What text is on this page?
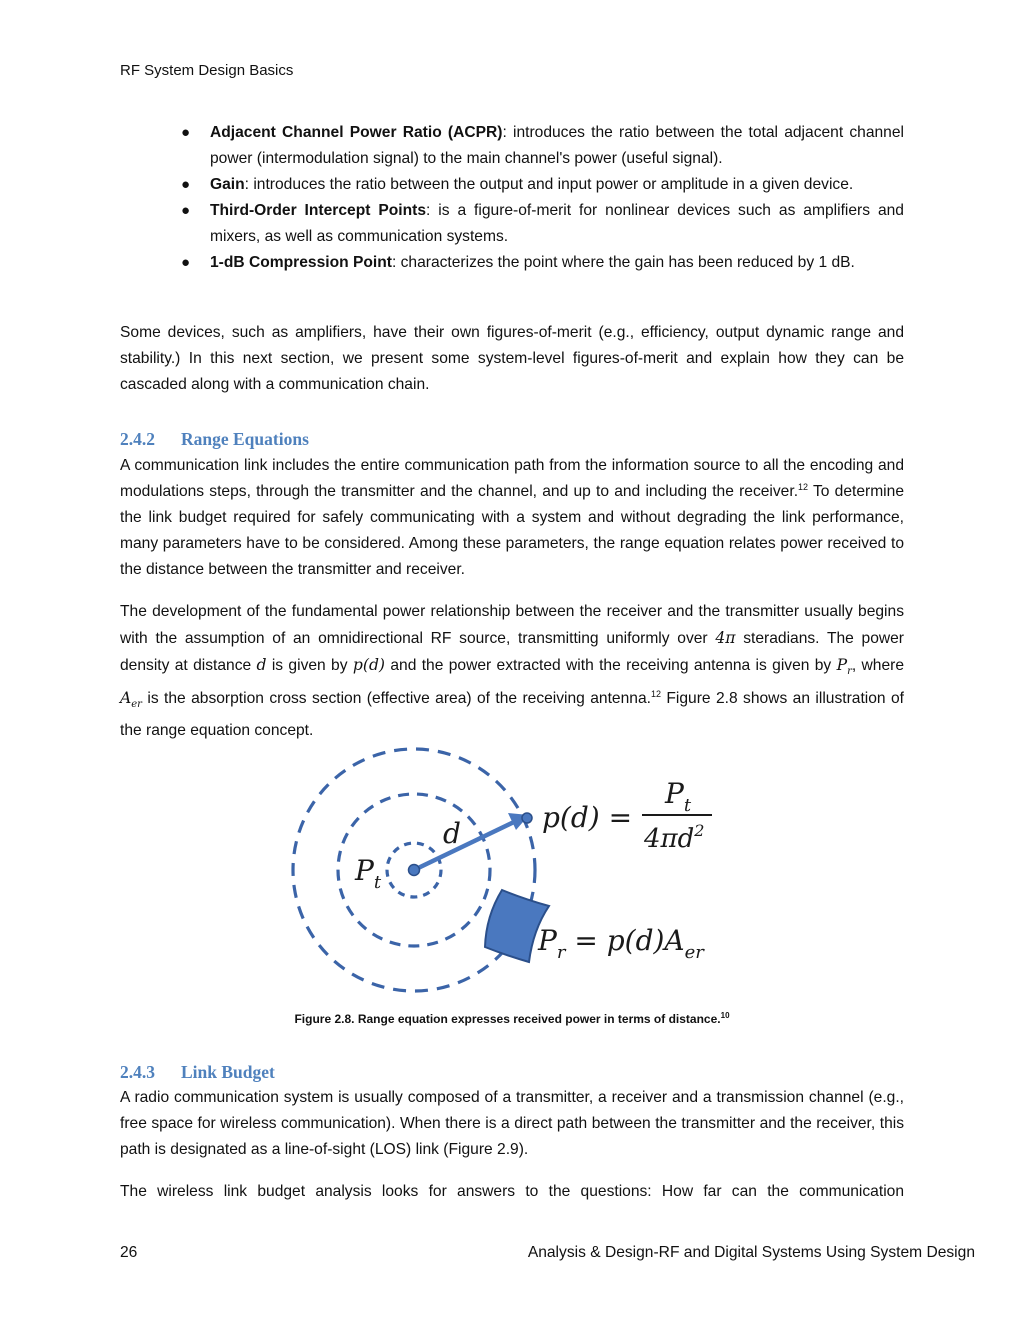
RF System Design Basics
● Adjacent Channel Power Ratio (ACPR): introduces the ratio between the total adjacent channel power (intermodulation signal) to the main channel's power (useful signal).
● Gain: introduces the ratio between the output and input power or amplitude in a given device.
● Third-Order Intercept Points: is a figure-of-merit for nonlinear devices such as amplifiers and mixers, as well as communication systems.
● 1-dB Compression Point: characterizes the point where the gain has been reduced by 1 dB.

Some devices, such as amplifiers, have their own figures-of-merit (e.g., efficiency, output dynamic range and stability.) In this next section, we present some system-level figures-of-merit and explain how they can be cascaded along with a communication chain.

2.4.2 Range Equations

A communication link includes the entire communication path from the information source to all the encoding and modulations steps, through the transmitter and the channel, and up to and including the receiver.$^{12}$ To determine the link budget required for safely communicating with a system and without degrading the link performance, many parameters have to be considered. Among these parameters, the range equation relates power received to the distance between the transmitter and receiver.

The development of the fundamental power relationship between the receiver and the transmitter usually begins with the assumption of an omnidirectional RF source, transmitting uniformly over 4π steradians. The power density at distance d is given by p(d) and the power extracted with the receiving antenna is given by $P_r$, where $A_{er}$ is the absorption cross section (effective area) of the receiving antenna.$^{12}$ Figure 2.8 shows an illustration of the range equation concept.

$P_t$
d	p(d) =
$P_t$
$4\pi d^2$
$P_r = p(d)A_{er}$
Figure 2.8. Range equation expresses received power in terms of distance.$^{10}$
2.4.3 Link Budget

A radio communication system is usually composed of a transmitter, a receiver and a transmission channel (e.g., free space for wireless communication). When there is a direct path between the transmitter and the receiver, this path is designated as a line-of-sight (LOS) link (Figure 2.9).

The wireless link budget analysis looks for answers to the questions: How far can the communication

26	Analysis & Design-RF and Digital Systems Using System Design
